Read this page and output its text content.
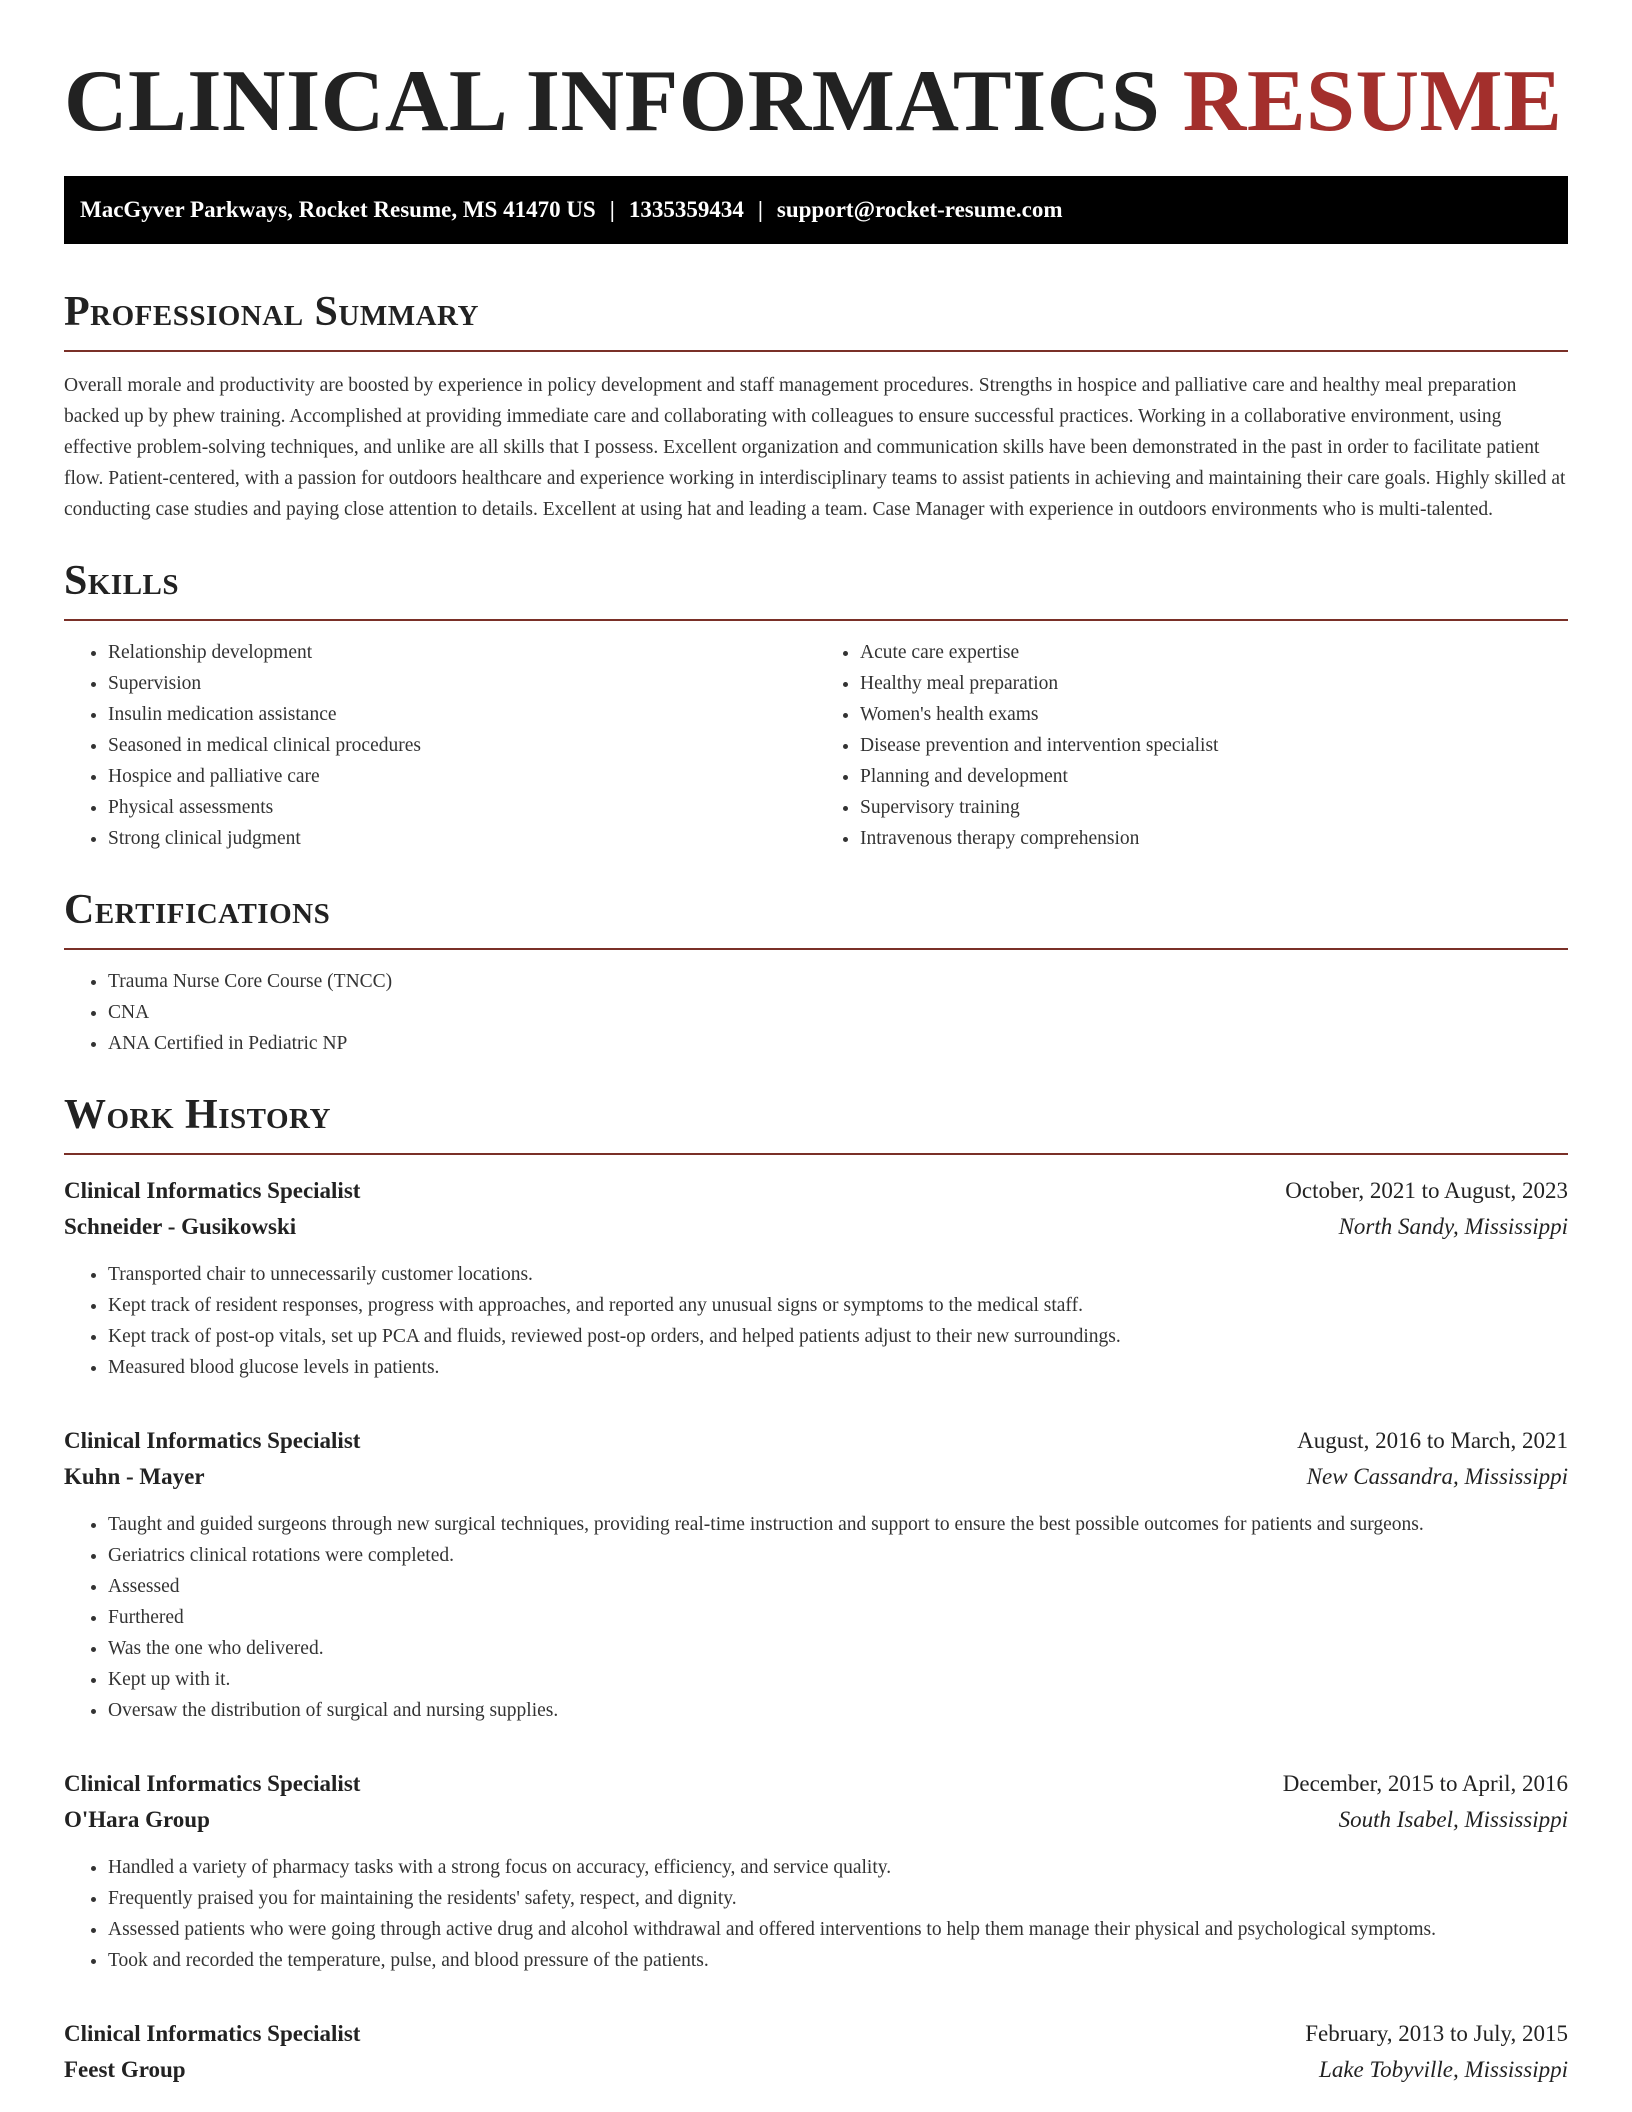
CLINICAL INFORMATICS RESUME
MacGyver Parkways, Rocket Resume, MS 41470 US | 1335359434 | support@rocket-resume.com
Professional Summary

Overall morale and productivity are boosted by experience in policy development and staff management procedures. Strengths in hospice and palliative care and healthy meal preparation backed up by phew training. Accomplished at providing immediate care and collaborating with colleagues to ensure successful practices. Working in a collaborative environment, using effective problem-solving techniques, and unlike are all skills that I possess. Excellent organization and communication skills have been demonstrated in the past in order to facilitate patient flow. Patient-centered, with a passion for outdoors healthcare and experience working in interdisciplinary teams to assist patients in achieving and maintaining their care goals. Highly skilled at conducting case studies and paying close attention to details. Excellent at using hat and leading a team. Case Manager with experience in outdoors environments who is multi-talented.

Skills
• Relationship development
• Supervision
• Insulin medication assistance
• Seasoned in medical clinical procedures
• Hospice and palliative care
• Physical assessments
• Strong clinical judgment
• Acute care expertise
• Healthy meal preparation
• Women's health exams
• Disease prevention and intervention specialist
• Planning and development
• Supervisory training
• Intravenous therapy comprehension
Certifications
• Trauma Nurse Core Course (TNCC)
• CNA
• ANA Certified in Pediatric NP
Work History
Clinical Informatics Specialist	October, 2021 to August, 2023
Schneider - Gusikowski	North Sandy, Mississippi
• Transported chair to unnecessarily customer locations.
• Kept track of resident responses, progress with approaches, and reported any unusual signs or symptoms to the medical staff.
• Kept track of post-op vitals, set up PCA and fluids, reviewed post-op orders, and helped patients adjust to their new surroundings.
• Measured blood glucose levels in patients.
Clinical Informatics Specialist	August, 2016 to March, 2021
Kuhn - Mayer	New Cassandra, Mississippi
• Taught and guided surgeons through new surgical techniques, providing real-time instruction and support to ensure the best possible outcomes for patients and surgeons.
• Geriatrics clinical rotations were completed.
• Assessed
• Furthered
• Was the one who delivered.
• Kept up with it.
• Oversaw the distribution of surgical and nursing supplies.
Clinical Informatics Specialist	December, 2015 to April, 2016
O'Hara Group	South Isabel, Mississippi
• Handled a variety of pharmacy tasks with a strong focus on accuracy, efficiency, and service quality.
• Frequently praised you for maintaining the residents' safety, respect, and dignity.
• Assessed patients who were going through active drug and alcohol withdrawal and offered interventions to help them manage their physical and psychological symptoms.
• Took and recorded the temperature, pulse, and blood pressure of the patients.
Clinical Informatics Specialist	February, 2013 to July, 2015
Feest Group	Lake Tobyville, Mississippi
